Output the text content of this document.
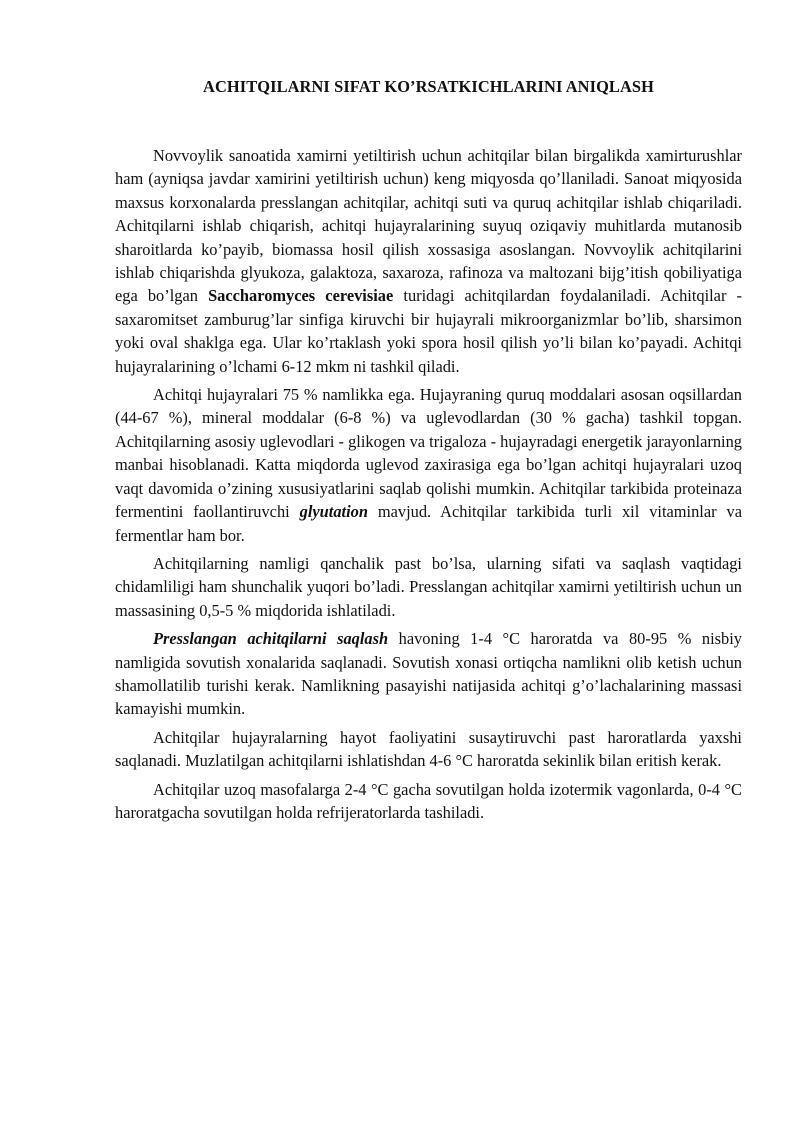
ACHITQILARNI SIFAT KO’RSATKICHLARINI ANIQLASH

Novvoylik sanoatida xamirni yetiltirish uchun achitqilar bilan birgalikda xamirturushlar ham (ayniqsa javdar xamirini yetiltirish uchun) keng miqyosda qo’llaniladi. Sanoat miqyosida maxsus korxonalarda presslangan achitqilar, achitqi suti va quruq achitqilar ishlab chiqariladi. Achitqilarni ishlab chiqarish, achitqi hujayralarining suyuq oziqaviy muhitlarda mutanosib sharoitlarda ko’payib, biomassa hosil qilish xossasiga asoslangan. Novvoylik achitqilarini ishlab chiqarishda glyukoza, galaktoza, saxaroza, rafinoza va maltozani bijg’itish qobiliyatiga ega bo’lgan Saccharomyces cerevisiae turidagi achitqilardan foydalaniladi. Achitqilar -saxaromitset zamburug’lar sinfiga kiruvchi bir hujayrali mikroorganizmlar bo’lib, sharsimon yoki oval shaklga ega. Ular ko’rtaklash yoki spora hosil qilish yo’li bilan ko’payadi. Achitqi hujayralarining o’lchami 6-12 mkm ni tashkil qiladi.

Achitqi hujayralari 75 % namlikka ega. Hujayraning quruq moddalari asosan oqsillardan (44-67 %), mineral moddalar (6-8 %) va uglevodlardan (30 % gacha) tashkil topgan. Achitqilarning asosiy uglevodlari - glikogen va trigaloza - hujayradagi energetik jarayonlarning manbai hisoblanadi. Katta miqdorda uglevod zaxirasiga ega bo’lgan achitqi hujayralari uzoq vaqt davomida o’zining xususiyatlarini saqlab qolishi mumkin. Achitqilar tarkibida proteinaza fermentini faollantiruvchi glyutation mavjud. Achitqilar tarkibida turli xil vitaminlar va fermentlar ham bor.

Achitqilarning namligi qanchalik past bo’lsa, ularning sifati va saqlash vaqtidagi chidamliligi ham shunchalik yuqori bo’ladi. Presslangan achitqilar xamirni yetiltirish uchun un massasining 0,5-5 % miqdorida ishlatiladi.

Presslangan achitqilarni saqlash havoning 1-4 °C haroratda va 80-95 % nisbiy namligida sovutish xonalarida saqlanadi. Sovutish xonasi ortiqcha namlikni olib ketish uchun shamollatilib turishi kerak. Namlikning pasayishi natijasida achitqi g’o’lachalarining massasi kamayishi mumkin.

Achitqilar hujayralarning hayot faoliyatini susaytiruvchi past haroratlarda yaxshi saqlanadi. Muzlatilgan achitqilarni ishlatishdan 4-6 °C haroratda sekinlik bilan eritish kerak.

Achitqilar uzoq masofalarga 2-4 °C gacha sovutilgan holda izotermik vagonlarda, 0-4 °C haroratgacha sovutilgan holda refrijeratorlarda tashiladi.
